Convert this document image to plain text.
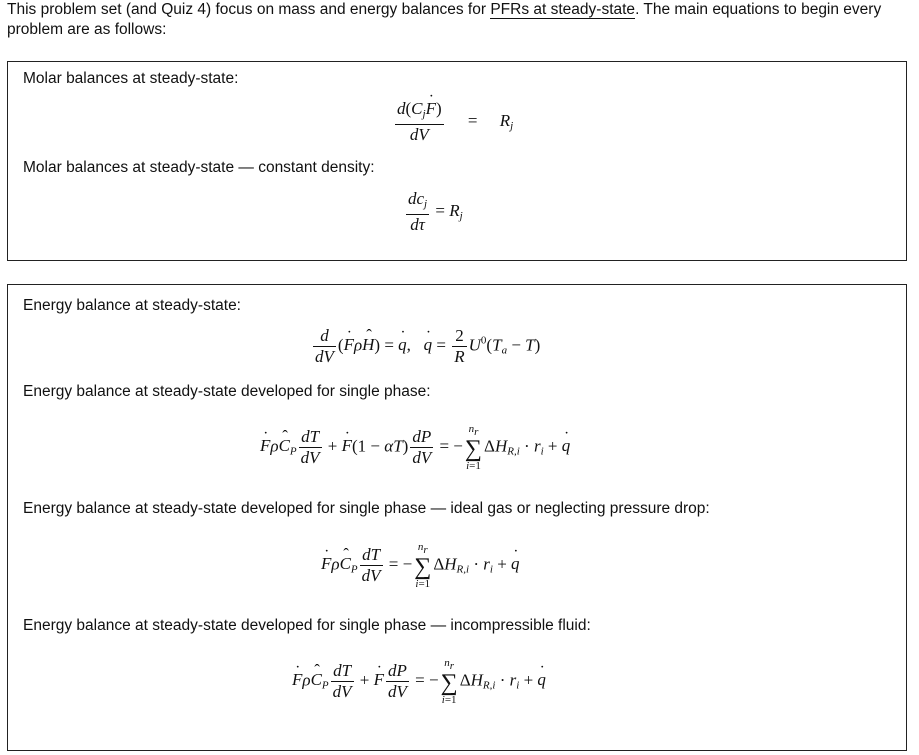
This problem set (and Quiz 4) focus on mass and energy balances for PFRs at steady-state. The main equations to begin every problem are as follows:
Molar balances at steady-state:
$\frac{d(C_jF ˙)}{dV} = R_j$
Molar balances at steady-state — constant density:
$\frac{dc_j}{d\tau} = R_j$
Energy balance at steady-state:
$\frac{d}{dV} (F$ ˙ρH ˆ) = q ˙,   q ˙ = $\frac{2}{R} U^0(T_a - T)$
Energy balance at steady-state developed for single phase:
F ˙ρC ˆ$_P$ $\frac{dT}{dV} + F$ ˙(1 − $\alpha T) \frac{dP}{dV} = -n_r$
∑
$i=1\Delta H_{R,i} \cdot r_i + q$ ˙
Energy balance at steady-state developed for single phase — ideal gas or neglecting pressure drop:
F ˙ρC ˆ$_P$ $\frac{dT}{dV} = -n_r$
∑
$i=1\Delta H_{R,i} \cdot r_i + q$ ˙
Energy balance at steady-state developed for single phase — incompressible fluid:
F ˙ρC ˆ$_P$ $\frac{dT}{dV} + F$ ˙ $\frac{dP}{dV} = -n_r$
∑
$i=1\Delta H_{R,i} \cdot r_i + q$ ˙
